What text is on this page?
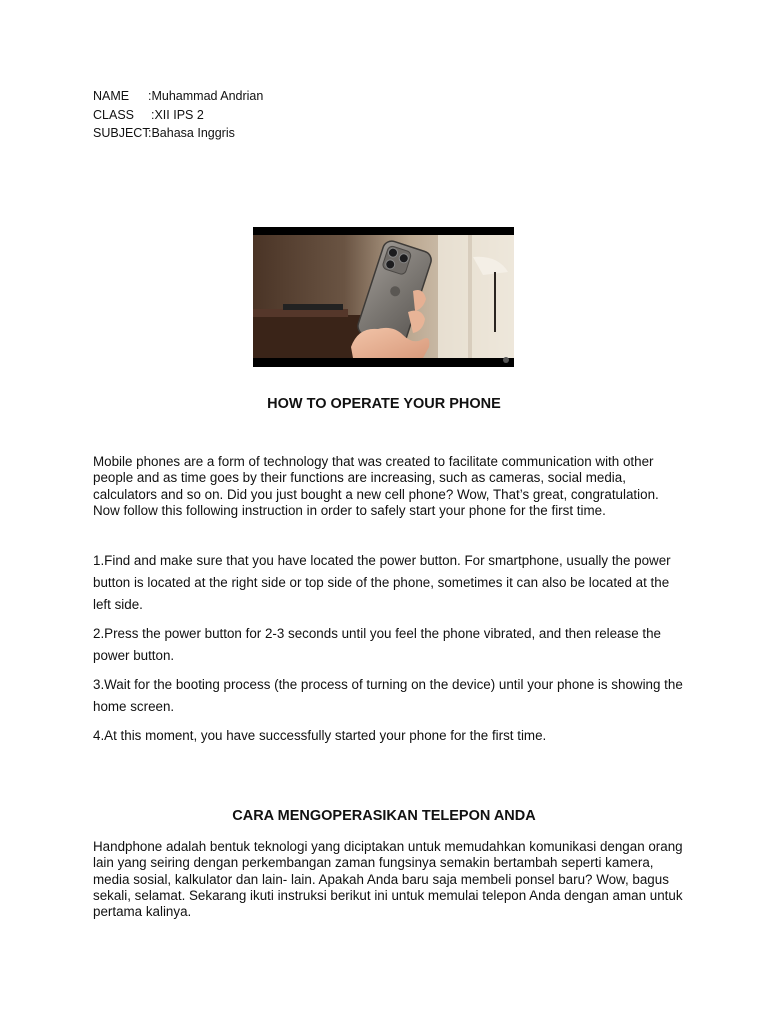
NAME :Muhammad Andrian
CLASS :XII IPS 2
SUBJECT:Bahasa Inggris
HOW TO OPERATE YOUR PHONE

Mobile phones are a form of technology that was created to facilitate communication with other people and as time goes by their functions are increasing, such as cameras, social media, calculators and so on. Did you just bought a new cell phone? Wow, That’s great, congratulation. Now follow this following instruction in order to safely start your phone for the first time.

1.Find and make sure that you have located the power button. For smartphone, usually the power button is located at the right side or top side of the phone, sometimes it can also be located at the left side.

2.Press the power button for 2-3 seconds until you feel the phone vibrated, and then release the power button.

3.Wait for the booting process (the process of turning on the device) until your phone is showing the home screen.

4.At this moment, you have successfully started your phone for the first time.

CARA MENGOPERASIKAN TELEPON ANDA

Handphone adalah bentuk teknologi yang diciptakan untuk memudahkan komunikasi dengan orang lain yang seiring dengan perkembangan zaman fungsinya semakin bertambah seperti kamera, media sosial, kalkulator dan lain- lain. Apakah Anda baru saja membeli ponsel baru? Wow, bagus sekali, selamat. Sekarang ikuti instruksi berikut ini untuk memulai telepon Anda dengan aman untuk pertama kalinya.
